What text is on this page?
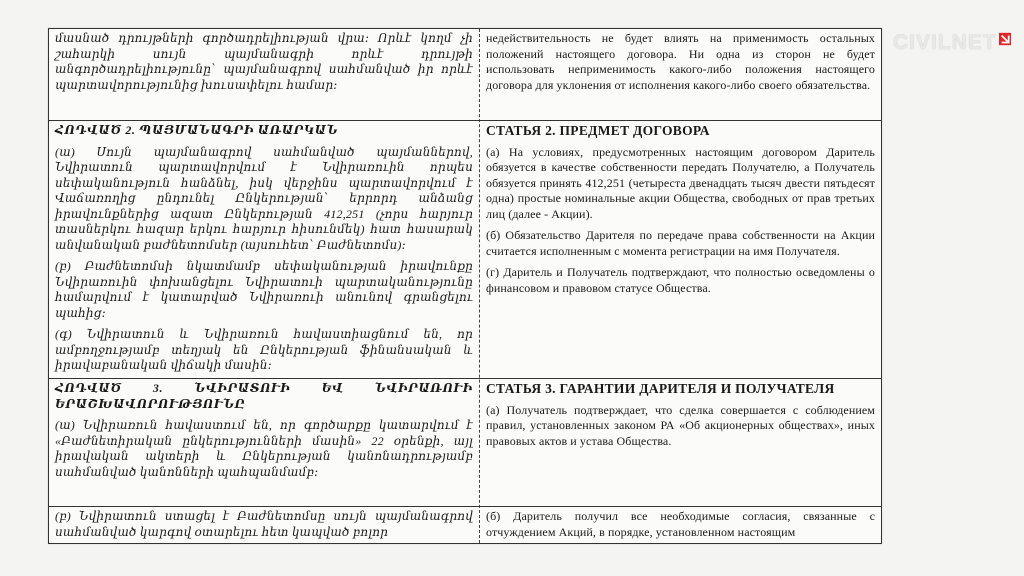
մասնած դրույթների գործադրելիության վրա։ Որևէ կողմ չի շահարկի սույն պայմանագրի որևէ դրույթի անգործադրելիությունը՝ պայմանագրով սահմանված իր որևէ պարտավորությունից խուսափելու համար։

недействительность не будет влиять на применимость остальных положений настоящего договора. Ни одна из сторон не будет использовать неприменимость какого-либо положения настоящего договора для уклонения от исполнения какого-либо своего обязательства.

ՀՈԴՎԱԾ 2. ՊԱՅՄԱՆԱԳՐԻ ԱՌԱՐԿԱՆ

(ա) Սույն պայմանագրով սահմանված պայմաններով, Նվիրատուն պարտավորվում է Նվիրառուին որպես սեփականություն հանձնել, իսկ վերջինս պարտավորվում է Վաճառողից ընդունել Ընկերության՝ երրորդ անձանց իրավունքներից ազատ Ընկերության 412,251 (չորս հարյուր տասներկու հազար երկու հարյուր հիսունմեկ) հատ հասարակ անվանական բաժնետոմսեր (այսուհետ՝ Բաժնետոմս)։

(բ) Բաժնետոմսի նկատմամբ սեփականության իրավունքը Նվիրառուին փոխանցելու Նվիրատուի պարտականությունը համարվում է կատարված Նվիրառուի անունով գրանցելու պահից։

(գ) Նվիրատուն և Նվիրառուն հավաստիացնում են, որ ամբողջությամբ տեղյակ են Ընկերության ֆինանսական և իրավաբանական վիճակի մասին։

СТАТЬЯ 2. ПРЕДМЕТ ДОГОВОРА

(а) На условиях, предусмотренных настоящим договором Даритель обязуется в качестве собственности передать Получателю, а Получатель обязуется принять 412,251 (четыреста двенадцать тысяч двести пятьдесят одна) простые номинальные акции Общества, свободных от прав третьих лиц (далее - Акции).

(б) Обязательство Дарителя по передаче права собственности на Акции считается исполненным с момента регистрации на имя Получателя.

(г) Даритель и Получатель подтверждают, что полностью осведомлены о финансовом и правовом статусе Общества.

ՀՈԴՎԱԾ 3. ՆՎԻՐԱՏՈՒԻ ԵՎ ՆՎԻՐԱՌՈՒԻ ԵՐԱՇԽԱՎՈՐՈՒԹՅՈՒՆԸ

(ա) Նվիրառուն հավաստում են, որ գործարքը կատարվում է «Բաժնետիրական ընկերությունների մասին» 22 օրենքի, այլ իրավական ակտերի և Ընկերության կանոնադրությամբ սահմանված կանոնների պահպանմամբ։

СТАТЬЯ 3. ГАРАНТИИ ДАРИТЕЛЯ И ПОЛУЧАТЕЛЯ

(а) Получатель подтверждает, что сделка совершается с соблюдением правил, установленных законом РА «Об акционерных обществах», иных правовых актов и устава Общества.

(բ) Նվիրատուն ստացել է Բաժնետոմսը սույն պայմանագրով սահմանված կարգով օտարելու հետ կապված բոլոր

(б) Даритель получил все необходимые согласия, связанные с отчуждением Акций, в порядке, установленном настоящим

CIVILNET
